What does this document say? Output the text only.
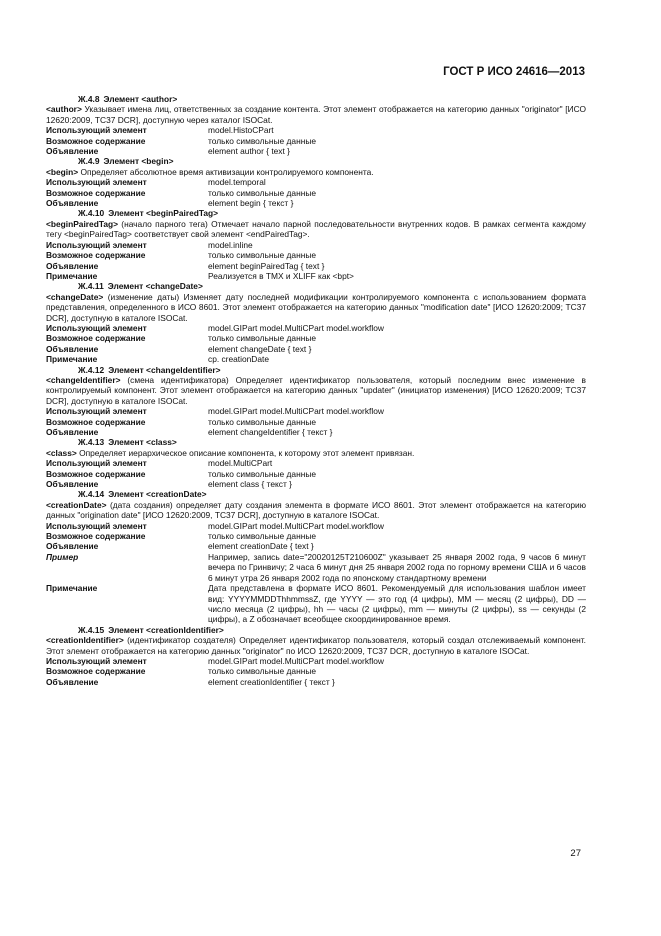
ГОСТ Р ИСО 24616—2013
Ж.4.8 Элемент <author>
<author> Указывает имена лиц, ответственных за создание контента. Этот элемент отображается на категорию данных "originator" [ИСО 12620:2009, TC37 DCR], доступную через каталог ISOCat.
Использующий элемент	model.HistoCPart
Возможное содержание	только символьные данные
Объявление	element author { text }
Ж.4.9 Элемент <begin>
<begin> Определяет абсолютное время активизации контролируемого компонента.
Использующий элемент	model.temporal
Возможное содержание	только символьные данные
Объявление	element begin { текст }
Ж.4.10 Элемент <beginPairedTag>
<beginPairedTag> (начало парного тега) Отмечает начало парной последовательности внутренних кодов. В рамках сегмента каждому тегу <beginPairedTag> соответствует свой элемент <endPairedTag>.
Использующий элемент	model.inline
Возможное содержание	только символьные данные
Объявление	element beginPairedTag { text }
Примечание	Реализуется в TMX и XLIFF как <bpt>
Ж.4.11 Элемент <changeDate>
<changeDate> (изменение даты) Изменяет дату последней модификации контролируемого компонента с использованием формата представления, определенного в ИСО 8601. Этот элемент отображается на категорию данных "modification date" [ИСО 12620:2009; TC37 DCR], доступную в каталоге ISOCat.
Использующий элемент	model.GIPart model.MultiCPart model.workflow
Возможное содержание	только символьные данные
Объявление	element changeDate { text }
Примечание	ср. creationDate
Ж.4.12 Элемент <changeIdentifier>
<changeIdentifier> (смена идентификатора) Определяет идентификатор пользователя, который последним внес изменение в контролируемый компонент. Этот элемент отображается на категорию данных "updater" (инициатор изменения) [ИСО 12620:2009; TC37 DCR], доступную в каталоге ISOCat.
Использующий элемент	model.GIPart model.MultiCPart model.workflow
Возможное содержание	только символьные данные
Объявление	element changeIdentifier { текст }
Ж.4.13 Элемент <class>
<class> Определяет иерархическое описание компонента, к которому этот элемент привязан.
Использующий элемент	model.MultiCPart
Возможное содержание	только символьные данные
Объявление	element class { текст }
Ж.4.14 Элемент <creationDate>
<creationDate> (дата создания) определяет дату создания элемента в формате ИСО 8601. Этот элемент отображается на категорию данных "origination date" [ИСО 12620:2009, TC37 DCR], доступную в каталоге ISOCat.
Использующий элемент	model.GIPart model.MultiCPart model.workflow
Возможное содержание	только символьные данные
Объявление	element creationDate { text }
Пример	Например, запись date="20020125T210600Z" указывает 25 января 2002 года, 9 часов 6 минут вечера по Гринвичу; 2 часа 6 минут дня 25 января 2002 года по горному времени США и 6 часов 6 минут утра 26 января 2002 года по японскому стандартному времени
Примечание	Дата представлена в формате ИСО 8601. Рекомендуемый для использования шаблон имеет вид: YYYYMMDDThhmmssZ, где YYYY — это год (4 цифры), MM — месяц (2 цифры), DD — число месяца (2 цифры), hh — часы (2 цифры), mm — минуты (2 цифры), ss — секунды (2 цифры), а Z обозначает всеобщее скоординированное время.
Ж.4.15 Элемент <creationIdentifier>
<creationIdentifier> (идентификатор создателя) Определяет идентификатор пользователя, который создал отслеживаемый компонент. Этот элемент отображается на категорию данных "originator" по ИСО 12620:2009, TC37 DCR, доступную в каталоге ISOCat.
Использующий элемент	model.GIPart model.MultiCPart model.workflow
Возможное содержание	только символьные данные
Объявление	element creationIdentifier { текст }
27
